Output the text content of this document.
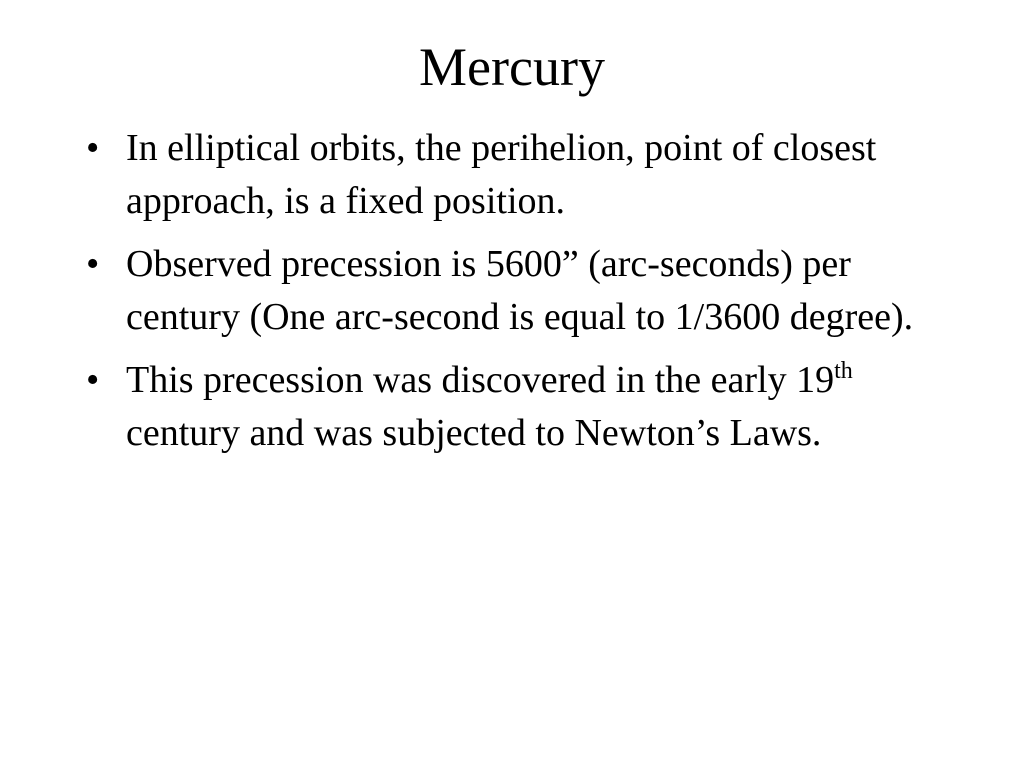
Mercury
• In elliptical orbits, the perihelion, point of closest approach, is a fixed position.
• Observed precession is 5600” (arc-seconds) per century (One arc-second is equal to 1/3600 degree).
• This precession was discovered in the early 19th century and was subjected to Newton’s Laws.
